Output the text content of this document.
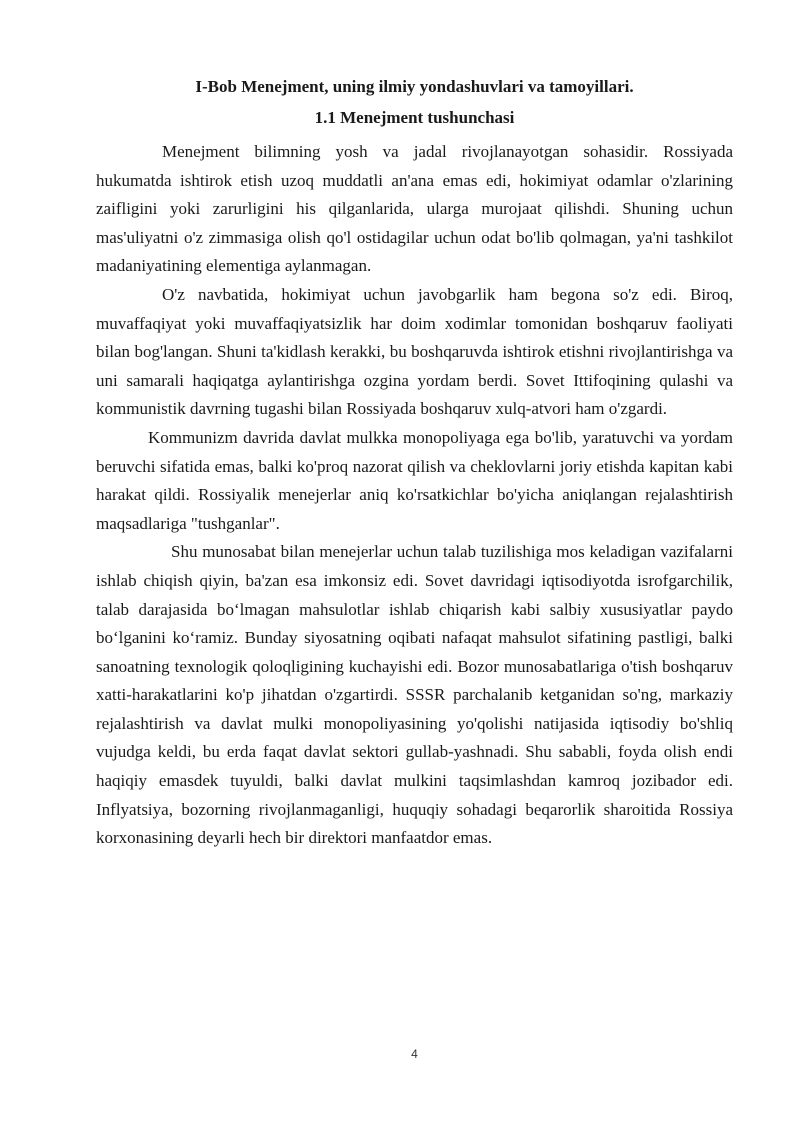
I-Bob Menejment, uning ilmiy yondashuvlari va tamoyillari.
1.1 Menejment tushunchasi

Menejment bilimning yosh va jadal rivojlanayotgan sohasidir. Rossiyada hukumatda ishtirok etish uzoq muddatli an'ana emas edi, hokimiyat odamlar o'zlarining zaifligini yoki zarurligini his qilganlarida, ularga murojaat qilishdi. Shuning uchun mas'uliyatni o'z zimmasiga olish qo'l ostidagilar uchun odat bo'lib qolmagan, ya'ni tashkilot madaniyatining elementiga aylanmagan.

O'z navbatida, hokimiyat uchun javobgarlik ham begona so'z edi. Biroq, muvaffaqiyat yoki muvaffaqiyatsizlik har doim xodimlar tomonidan boshqaruv faoliyati bilan bog'langan. Shuni ta'kidlash kerakki, bu boshqaruvda ishtirok etishni rivojlantirishga va uni samarali haqiqatga aylantirishga ozgina yordam berdi. Sovet Ittifoqining qulashi va kommunistik davrning tugashi bilan Rossiyada boshqaruv xulq-atvori ham o'zgardi.

Kommunizm davrida davlat mulkka monopoliyaga ega bo'lib, yaratuvchi va yordam beruvchi sifatida emas, balki ko'proq nazorat qilish va cheklovlarni joriy etishda kapitan kabi harakat qildi. Rossiyalik menejerlar aniq ko'rsatkichlar bo'yicha aniqlangan rejalashtirish maqsadlariga "tushganlar".

Shu munosabat bilan menejerlar uchun talab tuzilishiga mos keladigan vazifalarni ishlab chiqish qiyin, ba'zan esa imkonsiz edi. Sovet davridagi iqtisodiyotda isrofgarchilik, talab darajasida bo‘lmagan mahsulotlar ishlab chiqarish kabi salbiy xususiyatlar paydo bo‘lganini ko‘ramiz. Bunday siyosatning oqibati nafaqat mahsulot sifatining pastligi, balki sanoatning texnologik qoloqligining kuchayishi edi. Bozor munosabatlariga o'tish boshqaruv xatti-harakatlarini ko'p jihatdan o'zgartirdi. SSSR parchalanib ketganidan so'ng, markaziy rejalashtirish va davlat mulki monopoliyasining yo'qolishi natijasida iqtisodiy bo'shliq vujudga keldi, bu erda faqat davlat sektori gullab-yashnadi. Shu sababli, foyda olish endi haqiqiy emasdek tuyuldi, balki davlat mulkini taqsimlashdan kamroq jozibador edi. Inflyatsiya, bozorning rivojlanmaganligi, huquqiy sohadagi beqarorlik sharoitida Rossiya korxonasining deyarli hech bir direktori manfaatdor emas.

4
